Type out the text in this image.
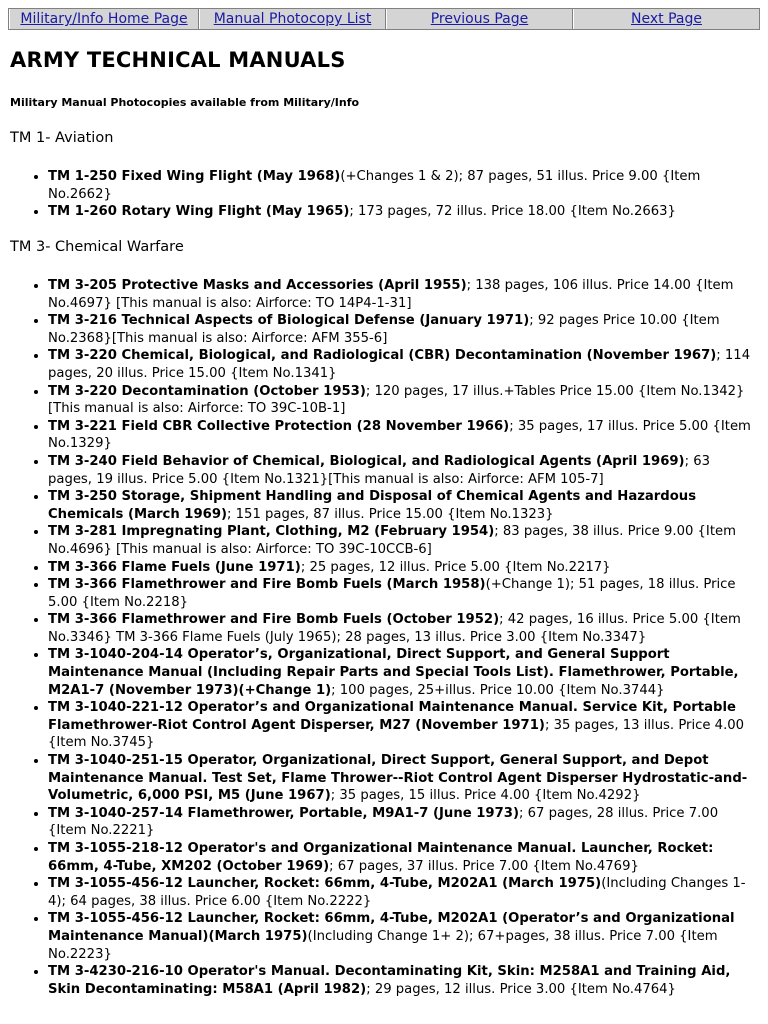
Military/Info Home Page Manual Photocopy List	Previous Page	Next Page
ARMY TECHNICAL MANUALS

Military Manual Photocopies available from Military/Info

TM 1- Aviation

• TM 1-250 Fixed Wing Flight (May 1968)(+Changes 1 & 2); 87 pages, 51 illus. Price 9.00 {Item No.2662}
• TM 1-260 Rotary Wing Flight (May 1965); 173 pages, 72 illus. Price 18.00 {Item No.2663}

TM 3- Chemical Warfare

• TM 3-205 Protective Masks and Accessories (April 1955); 138 pages, 106 illus. Price 14.00 {Item No.4697} [This manual is also: Airforce: TO 14P4-1-31]
• TM 3-216 Technical Aspects of Biological Defense (January 1971); 92 pages Price 10.00 {Item No.2368}[This manual is also: Airforce: AFM 355-6]
• TM 3-220 Chemical, Biological, and Radiological (CBR) Decontamination (November 1967); 114 pages, 20 illus. Price 15.00 {Item No.1341}
• TM 3-220 Decontamination (October 1953); 120 pages, 17 illus.+Tables Price 15.00 {Item No.1342} [This manual is also: Airforce: TO 39C-10B-1]
• TM 3-221 Field CBR Collective Protection (28 November 1966); 35 pages, 17 illus. Price 5.00 {Item No.1329}
• TM 3-240 Field Behavior of Chemical, Biological, and Radiological Agents (April 1969); 63 pages, 19 illus. Price 5.00 {Item No.1321}[This manual is also: Airforce: AFM 105-7]
• TM 3-250 Storage, Shipment Handling and Disposal of Chemical Agents and Hazardous Chemicals (March 1969); 151 pages, 87 illus. Price 15.00 {Item No.1323}
• TM 3-281 Impregnating Plant, Clothing, M2 (February 1954); 83 pages, 38 illus. Price 9.00 {Item No.4696} [This manual is also: Airforce: TO 39C-10CCB-6]
• TM 3-366 Flame Fuels (June 1971); 25 pages, 12 illus. Price 5.00 {Item No.2217}
• TM 3-366 Flamethrower and Fire Bomb Fuels (March 1958)(+Change 1); 51 pages, 18 illus. Price 5.00 {Item No.2218}
• TM 3-366 Flamethrower and Fire Bomb Fuels (October 1952); 42 pages, 16 illus. Price 5.00 {Item No.3346} TM 3-366 Flame Fuels (July 1965); 28 pages, 13 illus. Price 3.00 {Item No.3347}
• TM 3-1040-204-14 Operator’s, Organizational, Direct Support, and General Support Maintenance Manual (Including Repair Parts and Special Tools List). Flamethrower, Portable, M2A1-7 (November 1973)(+Change 1); 100 pages, 25+illus. Price 10.00 {Item No.3744}
• TM 3-1040-221-12 Operator’s and Organizational Maintenance Manual. Service Kit, Portable Flamethrower-Riot Control Agent Disperser, M27 (November 1971); 35 pages, 13 illus. Price 4.00 {Item No.3745}
• TM 3-1040-251-15 Operator, Organizational, Direct Support, General Support, and Depot Maintenance Manual. Test Set, Flame Thrower--Riot Control Agent Disperser Hydrostatic-and-Volumetric, 6,000 PSI, M5 (June 1967); 35 pages, 15 illus. Price 4.00 {Item No.4292}
• TM 3-1040-257-14 Flamethrower, Portable, M9A1-7 (June 1973); 67 pages, 28 illus. Price 7.00 {Item No.2221}
• TM 3-1055-218-12 Operator's and Organizational Maintenance Manual. Launcher, Rocket: 66mm, 4-Tube, XM202 (October 1969); 67 pages, 37 illus. Price 7.00 {Item No.4769}
• TM 3-1055-456-12 Launcher, Rocket: 66mm, 4-Tube, M202A1 (March 1975)(Including Changes 1-4); 64 pages, 38 illus. Price 6.00 {Item No.2222}
• TM 3-1055-456-12 Launcher, Rocket: 66mm, 4-Tube, M202A1 (Operator’s and Organizational Maintenance Manual)(March 1975)(Including Change 1+ 2); 67+pages, 38 illus. Price 7.00 {Item No.2223}
• TM 3-4230-216-10 Operator's Manual. Decontaminating Kit, Skin: M258A1 and Training Aid, Skin Decontaminating: M58A1 (April 1982); 29 pages, 12 illus. Price 3.00 {Item No.4764}
